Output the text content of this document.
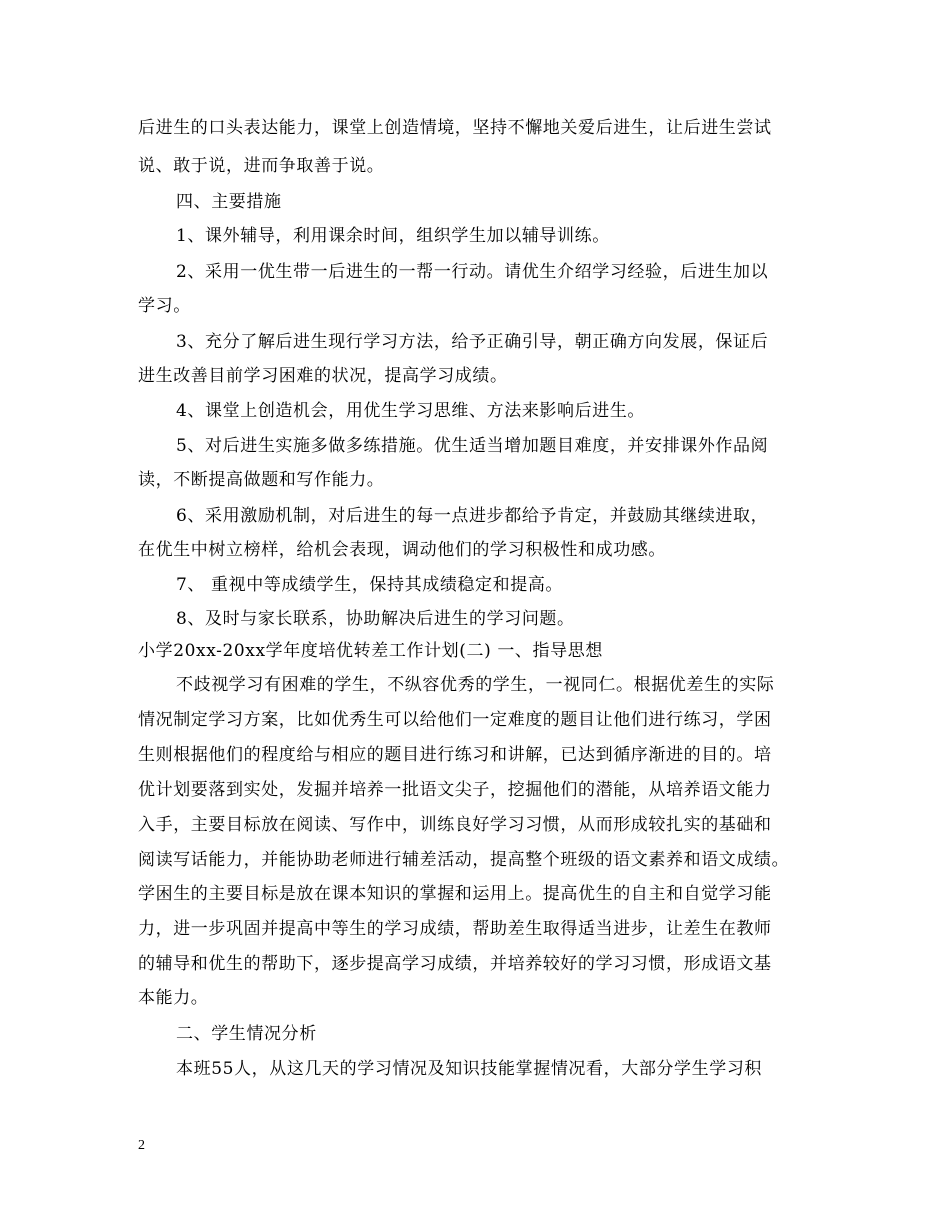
后进生的口头表达能力，课堂上创造情境，坚持不懈地关爱后进生，让后进生尝试
说、敢于说，进而争取善于说。
四、主要措施
1、课外辅导，利用课余时间，组织学生加以辅导训练。
2、采用一优生带一后进生的一帮一行动。请优生介绍学习经验，后进生加以
学习。
3、充分了解后进生现行学习方法，给予正确引导，朝正确方向发展，保证后
进生改善目前学习困难的状况，提高学习成绩。
4、课堂上创造机会，用优生学习思维、方法来影响后进生。
5、对后进生实施多做多练措施。优生适当增加题目难度，并安排课外作品阅
读，不断提高做题和写作能力。
6、采用激励机制，对后进生的每一点进步都给予肯定，并鼓励其继续进取，
在优生中树立榜样，给机会表现，调动他们的学习积极性和成功感。
7、 重视中等成绩学生，保持其成绩稳定和提高。
8、及时与家长联系，协助解决后进生的学习问题。
小学20xx-20xx学年度培优转差工作计划(二) 一、指导思想
不歧视学习有困难的学生，不纵容优秀的学生，一视同仁。根据优差生的实际
情况制定学习方案，比如优秀生可以给他们一定难度的题目让他们进行练习，学困
生则根据他们的程度给与相应的题目进行练习和讲解，已达到循序渐进的目的。培
优计划要落到实处，发掘并培养一批语文尖子，挖掘他们的潜能，从培养语文能力
入手，主要目标放在阅读、写作中，训练良好学习习惯，从而形成较扎实的基础和
阅读写话能力，并能协助老师进行辅差活动，提高整个班级的语文素养和语文成绩。
学困生的主要目标是放在课本知识的掌握和运用上。提高优生的自主和自觉学习能
力，进一步巩固并提高中等生的学习成绩，帮助差生取得适当进步，让差生在教师
的辅导和优生的帮助下，逐步提高学习成绩，并培养较好的学习习惯，形成语文基
本能力。
二、学生情况分析
本班55人，从这几天的学习情况及知识技能掌握情况看，大部分学生学习积
2
